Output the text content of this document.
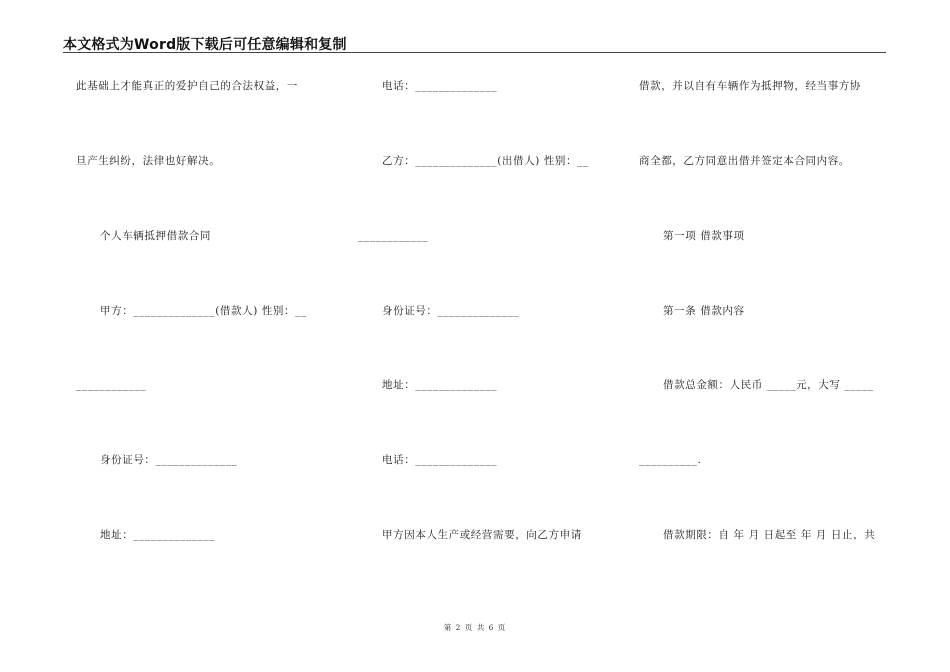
本文格式为Word版下载后可任意编辑和复制
此基础上才能真正的爱护自己的合法权益，一
旦产生纠纷，法律也好解决。
个人车辆抵押借款合同
甲方：______________(借款人) 性别：__
____________
身份证号：______________
地址：______________
电话：______________
乙方：______________(出借人) 性别：__
____________
身份证号：______________
地址：______________
电话：______________
甲方因本人生产或经营需要，向乙方申请
借款，并以自有车辆作为抵押物，经当事方协
商全都，乙方同意出借并签定本合同内容。
第一项 借款事项
第一条 借款内容
借款总金额：人民币 _____元，大写 _____
__________.
借款期限：自 年 月 日起至 年 月 日止，共
第 2 页 共 6 页
